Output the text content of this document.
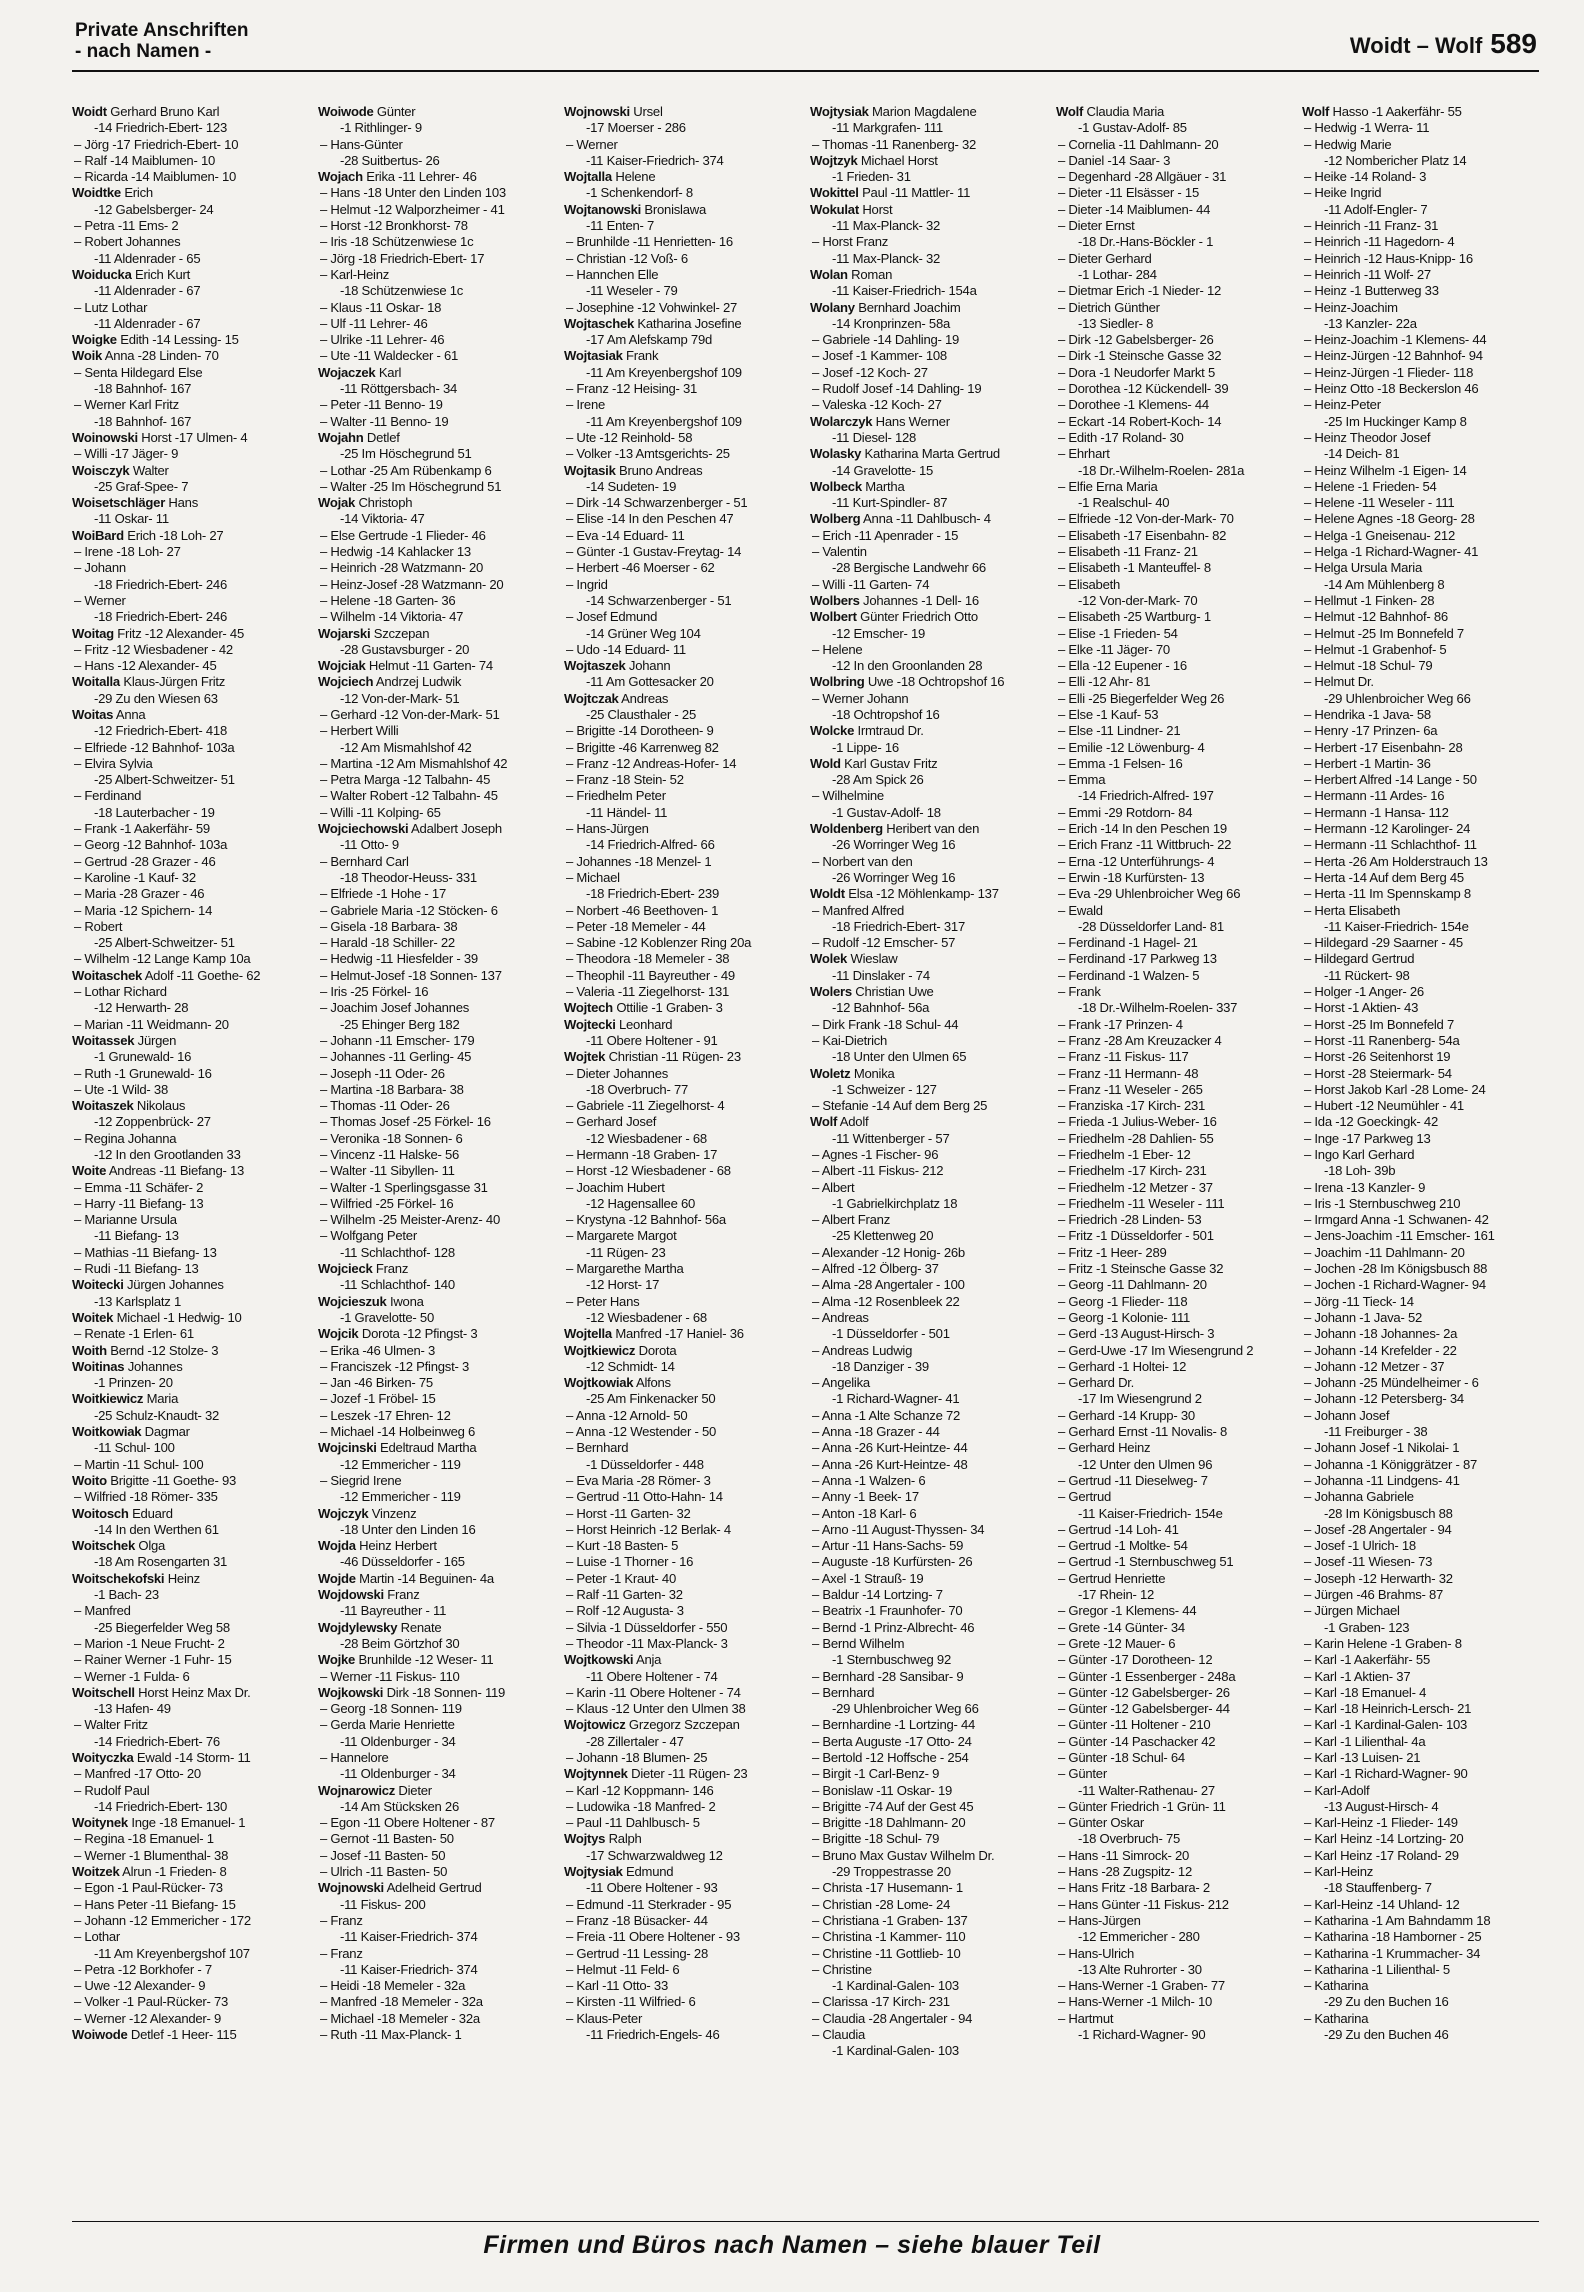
Private Anschriften
- nach Namen -	Woidt – Wolf 589
Woidt Gerhard Bruno Karl
-14 Friedrich-Ebert- 123
– Jörg -17 Friedrich-Ebert- 10
– Ralf -14 Maiblumen- 10
– Ricarda -14 Maiblumen- 10
Woidtke Erich
-12 Gabelsberger- 24
– Petra -11 Ems- 2
– Robert Johannes
-11 Aldenrader - 65
Woiducka Erich Kurt
-11 Aldenrader - 67
– Lutz Lothar
-11 Aldenrader - 67
Woigke Edith -14 Lessing- 15
Woik Anna -28 Linden- 70
– Senta Hildegard Else
-18 Bahnhof- 167
– Werner Karl Fritz
-18 Bahnhof- 167
Woinowski Horst -17 Ulmen- 4
– Willi -17 Jäger- 9
Woisczyk Walter
-25 Graf-Spee- 7
Woisetschläger Hans
-11 Oskar- 11
WoiBard Erich -18 Loh- 27
– Irene -18 Loh- 27
– Johann
-18 Friedrich-Ebert- 246
– Werner
-18 Friedrich-Ebert- 246
Woitag Fritz -12 Alexander- 45
– Fritz -12 Wiesbadener - 42
– Hans -12 Alexander- 45
Woitalla Klaus-Jürgen Fritz
-29 Zu den Wiesen 63
Woitas Anna
-12 Friedrich-Ebert- 418
– Elfriede -12 Bahnhof- 103a
– Elvira Sylvia
-25 Albert-Schweitzer- 51
– Ferdinand
-18 Lauterbacher - 19
– Frank -1 Aakerfähr- 59
– Georg -12 Bahnhof- 103a
– Gertrud -28 Grazer - 46
– Karoline -1 Kauf- 32
– Maria -28 Grazer - 46
– Maria -12 Spichern- 14
– Robert
-25 Albert-Schweitzer- 51
– Wilhelm -12 Lange Kamp 10a
Woitaschek Adolf -11 Goethe- 62
– Lothar Richard
-12 Herwarth- 28
– Marian -11 Weidmann- 20
Woitassek Jürgen
-1 Grunewald- 16
– Ruth -1 Grunewald- 16
– Ute -1 Wild- 38
Woitaszek Nikolaus
-12 Zoppenbrück- 27
– Regina Johanna
-12 In den Grootlanden 33
Woite Andreas -11 Biefang- 13
– Emma -11 Schäfer- 2
– Harry -11 Biefang- 13
– Marianne Ursula
-11 Biefang- 13
– Mathias -11 Biefang- 13
– Rudi -11 Biefang- 13
Woitecki Jürgen Johannes
-13 Karlsplatz 1
Woitek Michael -1 Hedwig- 10
– Renate -1 Erlen- 61
Woith Bernd -12 Stolze- 3
Woitinas Johannes
-1 Prinzen- 20
Woitkiewicz Maria
-25 Schulz-Knaudt- 32
Woitkowiak Dagmar
-11 Schul- 100
– Martin -11 Schul- 100
Woito Brigitte -11 Goethe- 93
– Wilfried -18 Römer- 335
Woitosch Eduard
-14 In den Werthen 61
Woitschek Olga
-18 Am Rosengarten 31
Woitschekofski Heinz
-1 Bach- 23
– Manfred
-25 Biegerfelder Weg 58
– Marion -1 Neue Frucht- 2
– Rainer Werner -1 Fuhr- 15
– Werner -1 Fulda- 6
Woitschell Horst Heinz Max Dr.
-13 Hafen- 49
– Walter Fritz
-14 Friedrich-Ebert- 76
Woityczka Ewald -14 Storm- 11
– Manfred -17 Otto- 20
– Rudolf Paul
-14 Friedrich-Ebert- 130
Woitynek Inge -18 Emanuel- 1
– Regina -18 Emanuel- 1
– Werner -1 Blumenthal- 38
Woitzek Alrun -1 Frieden- 8
– Egon -1 Paul-Rücker- 73
– Hans Peter -11 Biefang- 15
– Johann -12 Emmericher - 172
– Lothar
-11 Am Kreyenbergshof 107
– Petra -12 Borkhofer - 7
– Uwe -12 Alexander- 9
– Volker -1 Paul-Rücker- 73
– Werner -12 Alexander- 9
Woiwode Detlef -1 Heer- 115
Woiwode Günter
-1 Rithlinger- 9
– Hans-Günter
-28 Suitbertus- 26
Wojach Erika -11 Lehrer- 46
– Hans -18 Unter den Linden 103
– Helmut -12 Walporzheimer - 41
– Horst -12 Bronkhorst- 78
– Iris -18 Schützenwiese 1c
– Jörg -18 Friedrich-Ebert- 17
– Karl-Heinz
-18 Schützenwiese 1c
– Klaus -11 Oskar- 18
– Ulf -11 Lehrer- 46
– Ulrike -11 Lehrer- 46
– Ute -11 Waldecker - 61
Wojaczek Karl
-11 Röttgersbach- 34
– Peter -11 Benno- 19
– Walter -11 Benno- 19
Wojahn Detlef
-25 Im Höschegrund 51
– Lothar -25 Am Rübenkamp 6
– Walter -25 Im Höschegrund 51
Wojak Christoph
-14 Viktoria- 47
– Else Gertrude -1 Flieder- 46
– Hedwig -14 Kahlacker 13
– Heinrich -28 Watzmann- 20
– Heinz-Josef -28 Watzmann- 20
– Helene -18 Garten- 36
– Wilhelm -14 Viktoria- 47
Wojarski Szczepan
-28 Gustavsburger - 20
Wojciak Helmut -11 Garten- 74
Wojciech Andrzej Ludwik
-12 Von-der-Mark- 51
– Gerhard -12 Von-der-Mark- 51
– Herbert Willi
-12 Am Mismahlshof 42
– Martina -12 Am Mismahlshof 42
– Petra Marga -12 Talbahn- 45
– Walter Robert -12 Talbahn- 45
– Willi -11 Kolping- 65
Wojciechowski Adalbert Joseph
-11 Otto- 9
– Bernhard Carl
-18 Theodor-Heuss- 331
– Elfriede -1 Hohe - 17
– Gabriele Maria -12 Stöcken- 6
– Gisela -18 Barbara- 38
– Harald -18 Schiller- 22
– Hedwig -11 Hiesfelder - 39
– Helmut-Josef -18 Sonnen- 137
– Iris -25 Förkel- 16
– Joachim Josef Johannes
-25 Ehinger Berg 182
– Johann -11 Emscher- 179
– Johannes -11 Gerling- 45
– Joseph -11 Oder- 26
– Martina -18 Barbara- 38
– Thomas -11 Oder- 26
– Thomas Josef -25 Förkel- 16
– Veronika -18 Sonnen- 6
– Vincenz -11 Halske- 56
– Walter -11 Sibyllen- 11
– Walter -1 Sperlingsgasse 31
– Wilfried -25 Förkel- 16
– Wilhelm -25 Meister-Arenz- 40
– Wolfgang Peter
-11 Schlachthof- 128
Wojcieck Franz
-11 Schlachthof- 140
Wojcieszuk Iwona
-1 Gravelotte- 50
Wojcik Dorota -12 Pfingst- 3
– Erika -46 Ulmen- 3
– Franciszek -12 Pfingst- 3
– Jan -46 Birken- 75
– Jozef -1 Fröbel- 15
– Leszek -17 Ehren- 12
– Michael -14 Holbeinweg 6
Wojcinski Edeltraud Martha
-12 Emmericher - 119
– Siegrid Irene
-12 Emmericher - 119
Wojczyk Vinzenz
-18 Unter den Linden 16
Wojda Heinz Herbert
-46 Düsseldorfer - 165
Wojde Martin -14 Beguinen- 4a
Wojdowski Franz
-11 Bayreuther - 11
Wojdylewsky Renate
-28 Beim Görtzhof 30
Wojke Brunhilde -12 Weser- 11
– Werner -11 Fiskus- 110
Wojkowski Dirk -18 Sonnen- 119
– Georg -18 Sonnen- 119
– Gerda Marie Henriette
-11 Oldenburger - 34
– Hannelore
-11 Oldenburger - 34
Wojnarowicz Dieter
-14 Am Stücksken 26
– Egon -11 Obere Holtener - 87
– Gernot -11 Basten- 50
– Josef -11 Basten- 50
– Ulrich -11 Basten- 50
Wojnowski Adelheid Gertrud
-11 Fiskus- 200
– Franz
-11 Kaiser-Friedrich- 374
– Franz
-11 Kaiser-Friedrich- 374
– Heidi -18 Memeler - 32a
– Manfred -18 Memeler - 32a
– Michael -18 Memeler - 32a
– Ruth -11 Max-Planck- 1
Wojnowski Ursel
-17 Moerser - 286
– Werner
-11 Kaiser-Friedrich- 374
Wojtalla Helene
-1 Schenkendorf- 8
Wojtanowski Bronislawa
-11 Enten- 7
– Brunhilde -11 Henrietten- 16
– Christian -12 Voß- 6
– Hannchen Elle
-11 Weseler - 79
– Josephine -12 Vohwinkel- 27
Wojtaschek Katharina Josefine
-17 Am Alefskamp 79d
Wojtasiak Frank
-11 Am Kreyenbergshof 109
– Franz -12 Heising- 31
– Irene
-11 Am Kreyenbergshof 109
– Ute -12 Reinhold- 58
– Volker -13 Amtsgerichts- 25
Wojtasik Bruno Andreas
-14 Sudeten- 19
– Dirk -14 Schwarzenberger - 51
– Elise -14 In den Peschen 47
– Eva -14 Eduard- 11
– Günter -1 Gustav-Freytag- 14
– Herbert -46 Moerser - 62
– Ingrid
-14 Schwarzenberger - 51
– Josef Edmund
-14 Grüner Weg 104
– Udo -14 Eduard- 11
Wojtaszek Johann
-11 Am Gottesacker 20
Wojtczak Andreas
-25 Clausthaler - 25
– Brigitte -14 Dorotheen- 9
– Brigitte -46 Karrenweg 82
– Franz -12 Andreas-Hofer- 14
– Franz -18 Stein- 52
– Friedhelm Peter
-11 Händel- 11
– Hans-Jürgen
-14 Friedrich-Alfred- 66
– Johannes -18 Menzel- 1
– Michael
-18 Friedrich-Ebert- 239
– Norbert -46 Beethoven- 1
– Peter -18 Memeler - 44
– Sabine -12 Koblenzer Ring 20a
– Theodora -18 Memeler - 38
– Theophil -11 Bayreuther - 49
– Valeria -11 Ziegelhorst- 131
Wojtech Ottilie -1 Graben- 3
Wojtecki Leonhard
-11 Obere Holtener - 91
Wojtek Christian -11 Rügen- 23
– Dieter Johannes
-18 Overbruch- 77
– Gabriele -11 Ziegelhorst- 4
– Gerhard Josef
-12 Wiesbadener - 68
– Hermann -18 Graben- 17
– Horst -12 Wiesbadener - 68
– Joachim Hubert
-12 Hagensallee 60
– Krystyna -12 Bahnhof- 56a
– Margarete Margot
-11 Rügen- 23
– Margarethe Martha
-12 Horst- 17
– Peter Hans
-12 Wiesbadener - 68
Wojtella Manfred -17 Haniel- 36
Wojtkiewicz Dorota
-12 Schmidt- 14
Wojtkowiak Alfons
-25 Am Finkenacker 50
– Anna -12 Arnold- 50
– Anna -12 Westender - 50
– Bernhard
-1 Düsseldorfer - 448
– Eva Maria -28 Römer- 3
– Gertrud -11 Otto-Hahn- 14
– Horst -11 Garten- 32
– Horst Heinrich -12 Berlak- 4
– Kurt -18 Basten- 5
– Luise -1 Thorner - 16
– Peter -1 Kraut- 40
– Ralf -11 Garten- 32
– Rolf -12 Augusta- 3
– Silvia -1 Düsseldorfer - 550
– Theodor -11 Max-Planck- 3
Wojtkowski Anja
-11 Obere Holtener - 74
– Karin -11 Obere Holtener - 74
– Klaus -12 Unter den Ulmen 38
Wojtowicz Grzegorz Szczepan
-28 Zillertaler - 47
– Johann -18 Blumen- 25
Wojtynnek Dieter -11 Rügen- 23
– Karl -12 Koppmann- 146
– Ludowika -18 Manfred- 2
– Paul -11 Dahlbusch- 5
Wojtys Ralph
-17 Schwarzwaldweg 12
Wojtysiak Edmund
-11 Obere Holtener - 93
– Edmund -11 Sterkrader - 95
– Franz -18 Büsacker- 44
– Freia -11 Obere Holtener - 93
– Gertrud -11 Lessing- 28
– Helmut -11 Feld- 6
– Karl -11 Otto- 33
– Kirsten -11 Wilfried- 6
– Klaus-Peter
-11 Friedrich-Engels- 46
Wojtysiak Marion Magdalene
-11 Markgrafen- 111
– Thomas -11 Ranenberg- 32
Wojtzyk Michael Horst
-1 Frieden- 31
Wokittel Paul -11 Mattler- 11
Wokulat Horst
-11 Max-Planck- 32
– Horst Franz
-11 Max-Planck- 32
Wolan Roman
-11 Kaiser-Friedrich- 154a
Wolany Bernhard Joachim
-14 Kronprinzen- 58a
– Gabriele -14 Dahling- 19
– Josef -1 Kammer- 108
– Josef -12 Koch- 27
– Rudolf Josef -14 Dahling- 19
– Valeska -12 Koch- 27
Wolarczyk Hans Werner
-11 Diesel- 128
Wolasky Katharina Marta Gertrud
-14 Gravelotte- 15
Wolbeck Martha
-11 Kurt-Spindler- 87
Wolberg Anna -11 Dahlbusch- 4
– Erich -11 Apenrader - 15
– Valentin
-28 Bergische Landwehr 66
– Willi -11 Garten- 74
Wolbers Johannes -1 Dell- 16
Wolbert Günter Friedrich Otto
-12 Emscher- 19
– Helene
-12 In den Groonlanden 28
Wolbring Uwe -18 Ochtropshof 16
– Werner Johann
-18 Ochtropshof 16
Wolcke Irmtraud Dr.
-1 Lippe- 16
Wold Karl Gustav Fritz
-28 Am Spick 26
– Wilhelmine
-1 Gustav-Adolf- 18
Woldenberg Heribert van den
-26 Worringer Weg 16
– Norbert van den
-26 Worringer Weg 16
Woldt Elsa -12 Möhlenkamp- 137
– Manfred Alfred
-18 Friedrich-Ebert- 317
– Rudolf -12 Emscher- 57
Wolek Wieslaw
-11 Dinslaker - 74
Wolers Christian Uwe
-12 Bahnhof- 56a
– Dirk Frank -18 Schul- 44
– Kai-Dietrich
-18 Unter den Ulmen 65
Woletz Monika
-1 Schweizer - 127
– Stefanie -14 Auf dem Berg 25
Wolf Adolf
-11 Wittenberger - 57
– Agnes -1 Fischer- 96
– Albert -11 Fiskus- 212
– Albert
-1 Gabrielkirchplatz 18
– Albert Franz
-25 Klettenweg 20
– Alexander -12 Honig- 26b
– Alfred -12 Ölberg- 37
– Alma -28 Angertaler - 100
– Alma -12 Rosenbleek 22
– Andreas
-1 Düsseldorfer - 501
– Andreas Ludwig
-18 Danziger - 39
– Angelika
-1 Richard-Wagner- 41
– Anna -1 Alte Schanze 72
– Anna -18 Grazer - 44
– Anna -26 Kurt-Heintze- 44
– Anna -26 Kurt-Heintze- 48
– Anna -1 Walzen- 6
– Anny -1 Beek- 17
– Anton -18 Karl- 6
– Arno -11 August-Thyssen- 34
– Artur -11 Hans-Sachs- 59
– Auguste -18 Kurfürsten- 26
– Axel -1 Strauß- 19
– Baldur -14 Lortzing- 7
– Beatrix -1 Fraunhofer- 70
– Bernd -1 Prinz-Albrecht- 46
– Bernd Wilhelm
-1 Sternbuschweg 92
– Bernhard -28 Sansibar- 9
– Bernhard
-29 Uhlenbroicher Weg 66
– Bernhardine -1 Lortzing- 44
– Berta Auguste -17 Otto- 24
– Bertold -12 Hoffsche - 254
– Birgit -1 Carl-Benz- 9
– Bonislaw -11 Oskar- 19
– Brigitte -74 Auf der Gest 45
– Brigitte -18 Dahlmann- 20
– Brigitte -18 Schul- 79
– Bruno Max Gustav Wilhelm Dr.
-29 Troppestrasse 20
– Christa -17 Husemann- 1
– Christian -28 Lome- 24
– Christiana -1 Graben- 137
– Christina -1 Kammer- 110
– Christine -11 Gottlieb- 10
– Christine
-1 Kardinal-Galen- 103
– Clarissa -17 Kirch- 231
– Claudia -28 Angertaler - 94
– Claudia
-1 Kardinal-Galen- 103
Wolf Claudia Maria
-1 Gustav-Adolf- 85
– Cornelia -11 Dahlmann- 20
– Daniel -14 Saar- 3
– Degenhard -28 Allgäuer - 31
– Dieter -11 Elsässer - 15
– Dieter -14 Maiblumen- 44
– Dieter Ernst
-18 Dr.-Hans-Böckler - 1
– Dieter Gerhard
-1 Lothar- 284
– Dietmar Erich -1 Nieder- 12
– Dietrich Günther
-13 Siedler- 8
– Dirk -12 Gabelsberger- 26
– Dirk -1 Steinsche Gasse 32
– Dora -1 Neudorfer Markt 5
– Dorothea -12 Kückendell- 39
– Dorothee -1 Klemens- 44
– Eckart -14 Robert-Koch- 14
– Edith -17 Roland- 30
– Ehrhart
-18 Dr.-Wilhelm-Roelen- 281a
– Elfie Erna Maria
-1 Realschul- 40
– Elfriede -12 Von-der-Mark- 70
– Elisabeth -17 Eisenbahn- 82
– Elisabeth -11 Franz- 21
– Elisabeth -1 Manteuffel- 8
– Elisabeth
-12 Von-der-Mark- 70
– Elisabeth -25 Wartburg- 1
– Elise -1 Frieden- 54
– Elke -11 Jäger- 70
– Ella -12 Eupener - 16
– Elli -12 Ahr- 81
– Elli -25 Biegerfelder Weg 26
– Else -1 Kauf- 53
– Else -11 Lindner- 21
– Emilie -12 Löwenburg- 4
– Emma -1 Felsen- 16
– Emma
-14 Friedrich-Alfred- 197
– Emmi -29 Rotdorn- 84
– Erich -14 In den Peschen 19
– Erich Franz -11 Wittbruch- 22
– Erna -12 Unterführungs- 4
– Erwin -18 Kurfürsten- 13
– Eva -29 Uhlenbroicher Weg 66
– Ewald
-28 Düsseldorfer Land- 81
– Ferdinand -1 Hagel- 21
– Ferdinand -17 Parkweg 13
– Ferdinand -1 Walzen- 5
– Frank
-18 Dr.-Wilhelm-Roelen- 337
– Frank -17 Prinzen- 4
– Franz -28 Am Kreuzacker 4
– Franz -11 Fiskus- 117
– Franz -11 Hermann- 48
– Franz -11 Weseler - 265
– Franziska -17 Kirch- 231
– Frieda -1 Julius-Weber- 16
– Friedhelm -28 Dahlien- 55
– Friedhelm -1 Eber- 12
– Friedhelm -17 Kirch- 231
– Friedhelm -12 Metzer - 37
– Friedhelm -11 Weseler - 111
– Friedrich -28 Linden- 53
– Fritz -1 Düsseldorfer - 501
– Fritz -1 Heer- 289
– Fritz -1 Steinsche Gasse 32
– Georg -11 Dahlmann- 20
– Georg -1 Flieder- 118
– Georg -1 Kolonie- 111
– Gerd -13 August-Hirsch- 3
– Gerd-Uwe -17 Im Wiesengrund 2
– Gerhard -1 Holtei- 12
– Gerhard Dr.
-17 Im Wiesengrund 2
– Gerhard -14 Krupp- 30
– Gerhard Ernst -11 Novalis- 8
– Gerhard Heinz
-12 Unter den Ulmen 96
– Gertrud -11 Dieselweg- 7
– Gertrud
-11 Kaiser-Friedrich- 154e
– Gertrud -14 Loh- 41
– Gertrud -1 Moltke- 54
– Gertrud -1 Sternbuschweg 51
– Gertrud Henriette
-17 Rhein- 12
– Gregor -1 Klemens- 44
– Grete -14 Günter- 34
– Grete -12 Mauer- 6
– Günter -17 Dorotheen- 12
– Günter -1 Essenberger - 248a
– Günter -12 Gabelsberger- 26
– Günter -12 Gabelsberger- 44
– Günter -11 Holtener - 210
– Günter -14 Paschacker 42
– Günter -18 Schul- 64
– Günter
-11 Walter-Rathenau- 27
– Günter Friedrich -1 Grün- 11
– Günter Oskar
-18 Overbruch- 75
– Hans -11 Simrock- 20
– Hans -28 Zugspitz- 12
– Hans Fritz -18 Barbara- 2
– Hans Günter -11 Fiskus- 212
– Hans-Jürgen
-12 Emmericher - 280
– Hans-Ulrich
-13 Alte Ruhrorter - 30
– Hans-Werner -1 Graben- 77
– Hans-Werner -1 Milch- 10
– Hartmut
-1 Richard-Wagner- 90
Wolf Hasso -1 Aakerfähr- 55
– Hedwig -1 Werra- 11
– Hedwig Marie
-12 Nombericher Platz 14
– Heike -14 Roland- 3
– Heike Ingrid
-11 Adolf-Engler- 7
– Heinrich -11 Franz- 31
– Heinrich -11 Hagedorn- 4
– Heinrich -12 Haus-Knipp- 16
– Heinrich -11 Wolf- 27
– Heinz -1 Butterweg 33
– Heinz-Joachim
-13 Kanzler- 22a
– Heinz-Joachim -1 Klemens- 44
– Heinz-Jürgen -12 Bahnhof- 94
– Heinz-Jürgen -1 Flieder- 118
– Heinz Otto -18 Beckerslon 46
– Heinz-Peter
-25 Im Huckinger Kamp 8
– Heinz Theodor Josef
-14 Deich- 81
– Heinz Wilhelm -1 Eigen- 14
– Helene -1 Frieden- 54
– Helene -11 Weseler - 111
– Helene Agnes -18 Georg- 28
– Helga -1 Gneisenau- 212
– Helga -1 Richard-Wagner- 41
– Helga Ursula Maria
-14 Am Mühlenberg 8
– Hellmut -1 Finken- 28
– Helmut -12 Bahnhof- 86
– Helmut -25 Im Bonnefeld 7
– Helmut -1 Grabenhof- 5
– Helmut -18 Schul- 79
– Helmut Dr.
-29 Uhlenbroicher Weg 66
– Hendrika -1 Java- 58
– Henry -17 Prinzen- 6a
– Herbert -17 Eisenbahn- 28
– Herbert -1 Martin- 36
– Herbert Alfred -14 Lange - 50
– Hermann -11 Ardes- 16
– Hermann -1 Hansa- 112
– Hermann -12 Karolinger- 24
– Hermann -11 Schlachthof- 11
– Herta -26 Am Holderstrauch 13
– Herta -14 Auf dem Berg 45
– Herta -11 Im Spennskamp 8
– Herta Elisabeth
-11 Kaiser-Friedrich- 154e
– Hildegard -29 Saarner - 45
– Hildegard Gertrud
-11 Rückert- 98
– Holger -1 Anger- 26
– Horst -1 Aktien- 43
– Horst -25 Im Bonnefeld 7
– Horst -11 Ranenberg- 54a
– Horst -26 Seitenhorst 19
– Horst -28 Steiermark- 54
– Horst Jakob Karl -28 Lome- 24
– Hubert -12 Neumühler - 41
– Ida -12 Goeckingk- 42
– Inge -17 Parkweg 13
– Ingo Karl Gerhard
-18 Loh- 39b
– Irena -13 Kanzler- 9
– Iris -1 Sternbuschweg 210
– Irmgard Anna -1 Schwanen- 42
– Jens-Joachim -11 Emscher- 161
– Joachim -11 Dahlmann- 20
– Jochen -28 Im Königsbusch 88
– Jochen -1 Richard-Wagner- 94
– Jörg -11 Tieck- 14
– Johann -1 Java- 52
– Johann -18 Johannes- 2a
– Johann -14 Krefelder - 22
– Johann -12 Metzer - 37
– Johann -25 Mündelheimer - 6
– Johann -12 Petersberg- 34
– Johann Josef
-11 Freiburger - 38
– Johann Josef -1 Nikolai- 1
– Johanna -1 Königgrätzer - 87
– Johanna -11 Lindgens- 41
– Johanna Gabriele
-28 Im Königsbusch 88
– Josef -28 Angertaler - 94
– Josef -1 Ulrich- 18
– Josef -11 Wiesen- 73
– Joseph -12 Herwarth- 32
– Jürgen -46 Brahms- 87
– Jürgen Michael
-1 Graben- 123
– Karin Helene -1 Graben- 8
– Karl -1 Aakerfähr- 55
– Karl -1 Aktien- 37
– Karl -18 Emanuel- 4
– Karl -18 Heinrich-Lersch- 21
– Karl -1 Kardinal-Galen- 103
– Karl -1 Lilienthal- 4a
– Karl -13 Luisen- 21
– Karl -1 Richard-Wagner- 90
– Karl-Adolf
-13 August-Hirsch- 4
– Karl-Heinz -1 Flieder- 149
– Karl Heinz -14 Lortzing- 20
– Karl Heinz -17 Roland- 29
– Karl-Heinz
-18 Stauffenberg- 7
– Karl-Heinz -14 Uhland- 12
– Katharina -1 Am Bahndamm 18
– Katharina -18 Hamborner - 25
– Katharina -1 Krummacher- 34
– Katharina -1 Lilienthal- 5
– Katharina
-29 Zu den Buchen 16
– Katharina
-29 Zu den Buchen 46
Firmen und Büros nach Namen – siehe blauer Teil
